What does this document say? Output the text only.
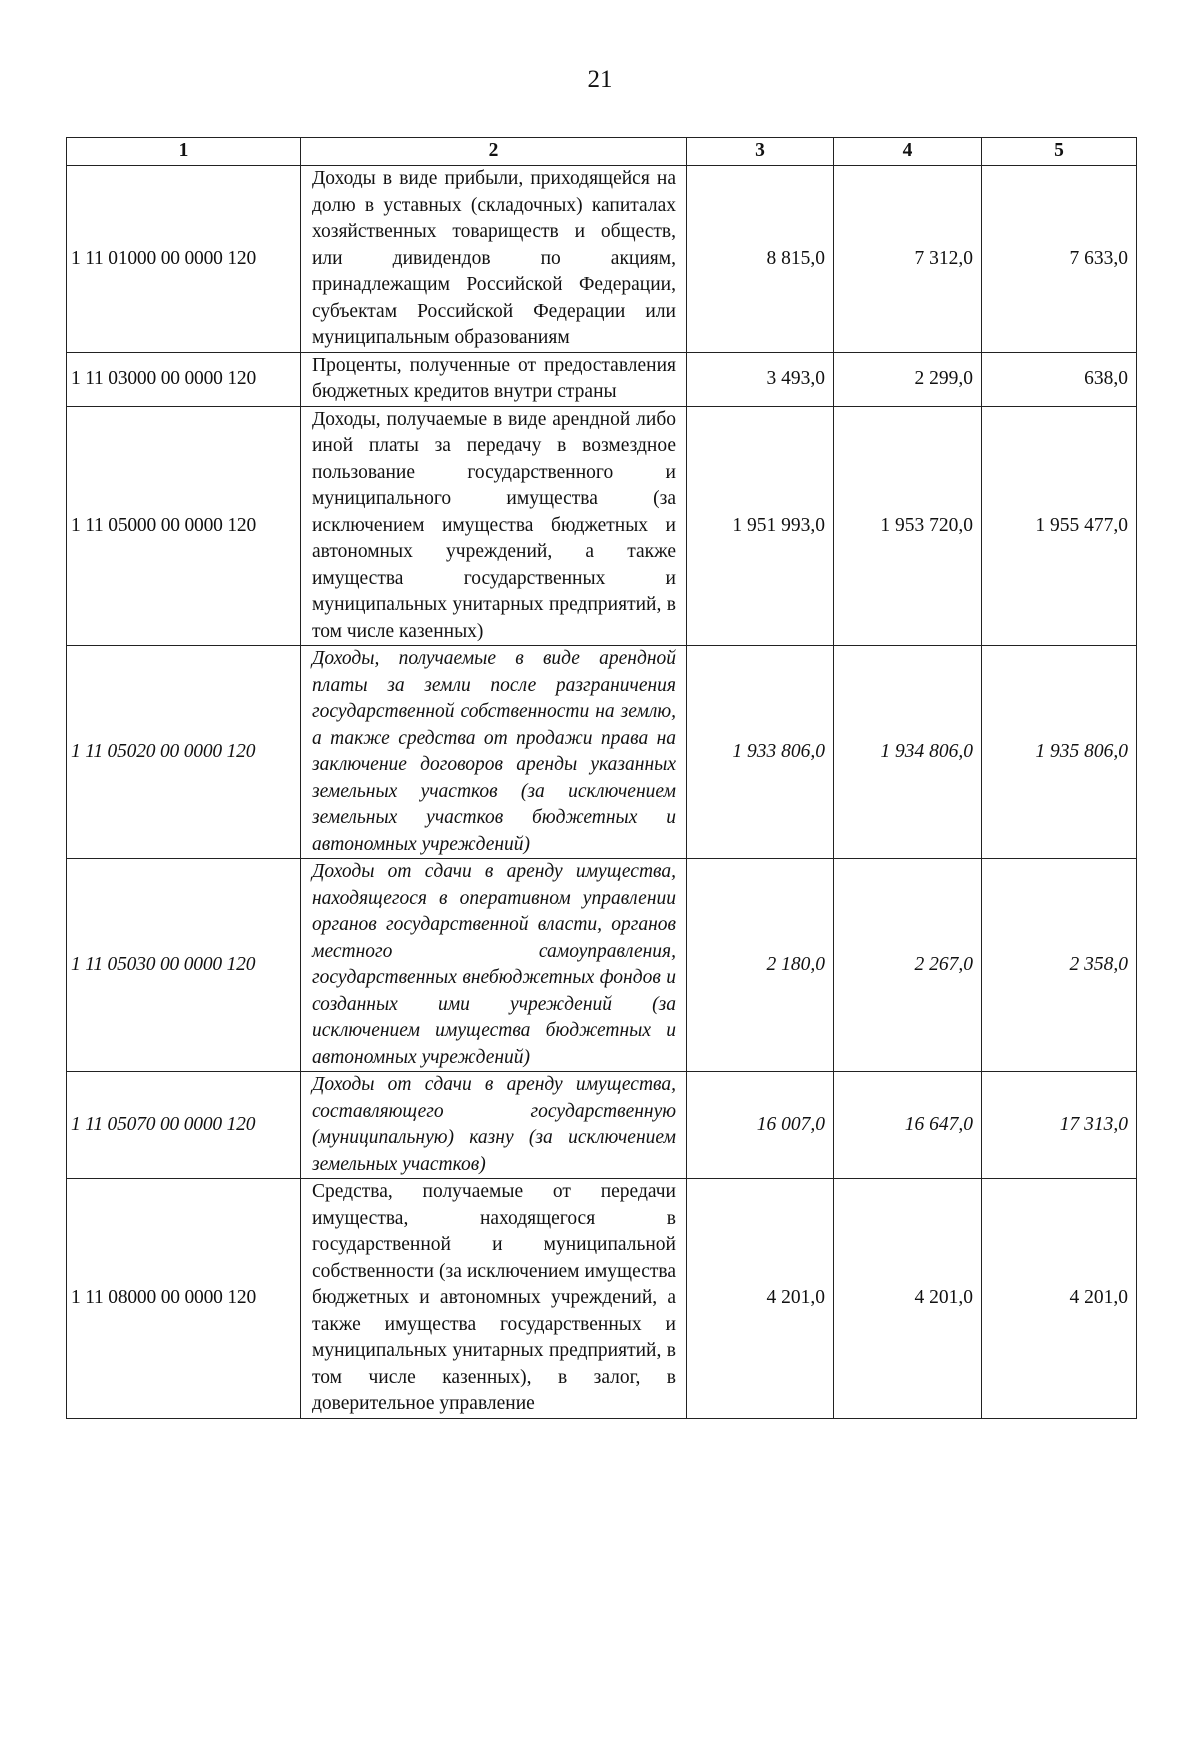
21
1	2	3	4	5
1 11 01000 00 0000 120	Доходы в виде прибыли, приходящейся на долю в уставных (складочных) капиталах хозяйственных товариществ и обществ, или дивидендов по акциям, принадлежащим Российской Федерации, субъектам Российской Федерации или муниципальным образованиям	8 815,0	7 312,0	7 633,0
1 11 03000 00 0000 120	Проценты, полученные от предоставления бюджетных кредитов внутри страны	3 493,0	2 299,0	638,0
1 11 05000 00 0000 120	Доходы, получаемые в виде арендной либо иной платы за передачу в возмездное пользование государственного и муниципального имущества (за исключением имущества бюджетных и автономных учреждений, а также имущества государственных и муниципальных унитарных предприятий, в том числе казенных)	1 951 993,0	1 953 720,0	1 955 477,0
1 11 05020 00 0000 120	Доходы, получаемые в виде арендной платы за земли после разграничения государственной собственности на землю, а также средства от продажи права на заключение договоров аренды указанных земельных участков (за исключением земельных участков бюджетных и автономных учреждений)	1 933 806,0	1 934 806,0	1 935 806,0
1 11 05030 00 0000 120	Доходы от сдачи в аренду имущества, находящегося в оперативном управлении органов государственной власти, органов местного самоуправления, государственных внебюджетных фондов и созданных ими учреждений (за исключением имущества бюджетных и автономных учреждений)	2 180,0	2 267,0	2 358,0
1 11 05070 00 0000 120	Доходы от сдачи в аренду имущества, составляющего государственную (муниципальную) казну (за исключением земельных участков)	16 007,0	16 647,0	17 313,0
1 11 08000 00 0000 120	Средства, получаемые от передачи имущества, находящегося в государственной и муниципальной собственности (за исключением имущества бюджетных и автономных учреждений, а также имущества государственных и муниципальных унитарных предприятий, в том числе казенных), в залог, в доверительное управление	4 201,0	4 201,0	4 201,0
